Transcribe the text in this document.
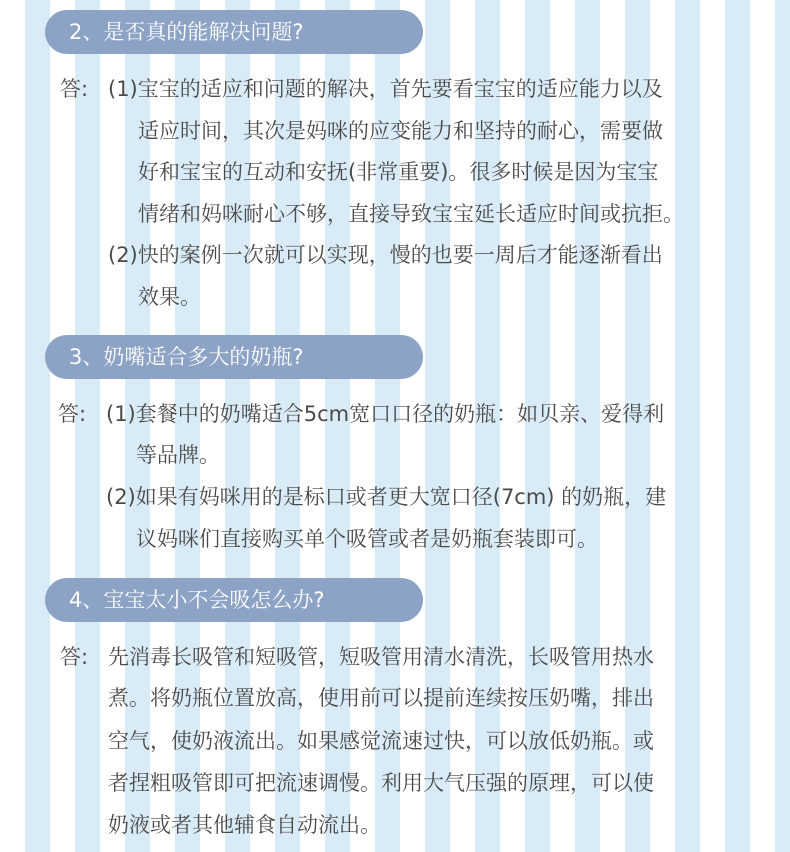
2、是否真的能解决问题?
答: (1)宝宝的适应和问题的解决，首先要看宝宝的适应能力以及
适应时间，其次是妈咪的应变能力和坚持的耐心，需要做
好和宝宝的互动和安抚(非常重要)。很多时候是因为宝宝
情绪和妈咪耐心不够，直接导致宝宝延长适应时间或抗拒。
(2)快的案例一次就可以实现，慢的也要一周后才能逐渐看出
效果。
3、奶嘴适合多大的奶瓶?
答: (1)套餐中的奶嘴适合5cm宽口口径的奶瓶：如贝亲、爱得利
等品牌。
(2)如果有妈咪用的是标口或者更大宽口径(7cm) 的奶瓶，建
议妈咪们直接购买单个吸管或者是奶瓶套装即可。
4、宝宝太小不会吸怎么办?
答: 先消毒长吸管和短吸管，短吸管用清水清洗，长吸管用热水
煮。将奶瓶位置放高，使用前可以提前连续按压奶嘴，排出
空气，使奶液流出。如果感觉流速过快，可以放低奶瓶。或
者捏粗吸管即可把流速调慢。利用大气压强的原理，可以使
奶液或者其他辅食自动流出。
